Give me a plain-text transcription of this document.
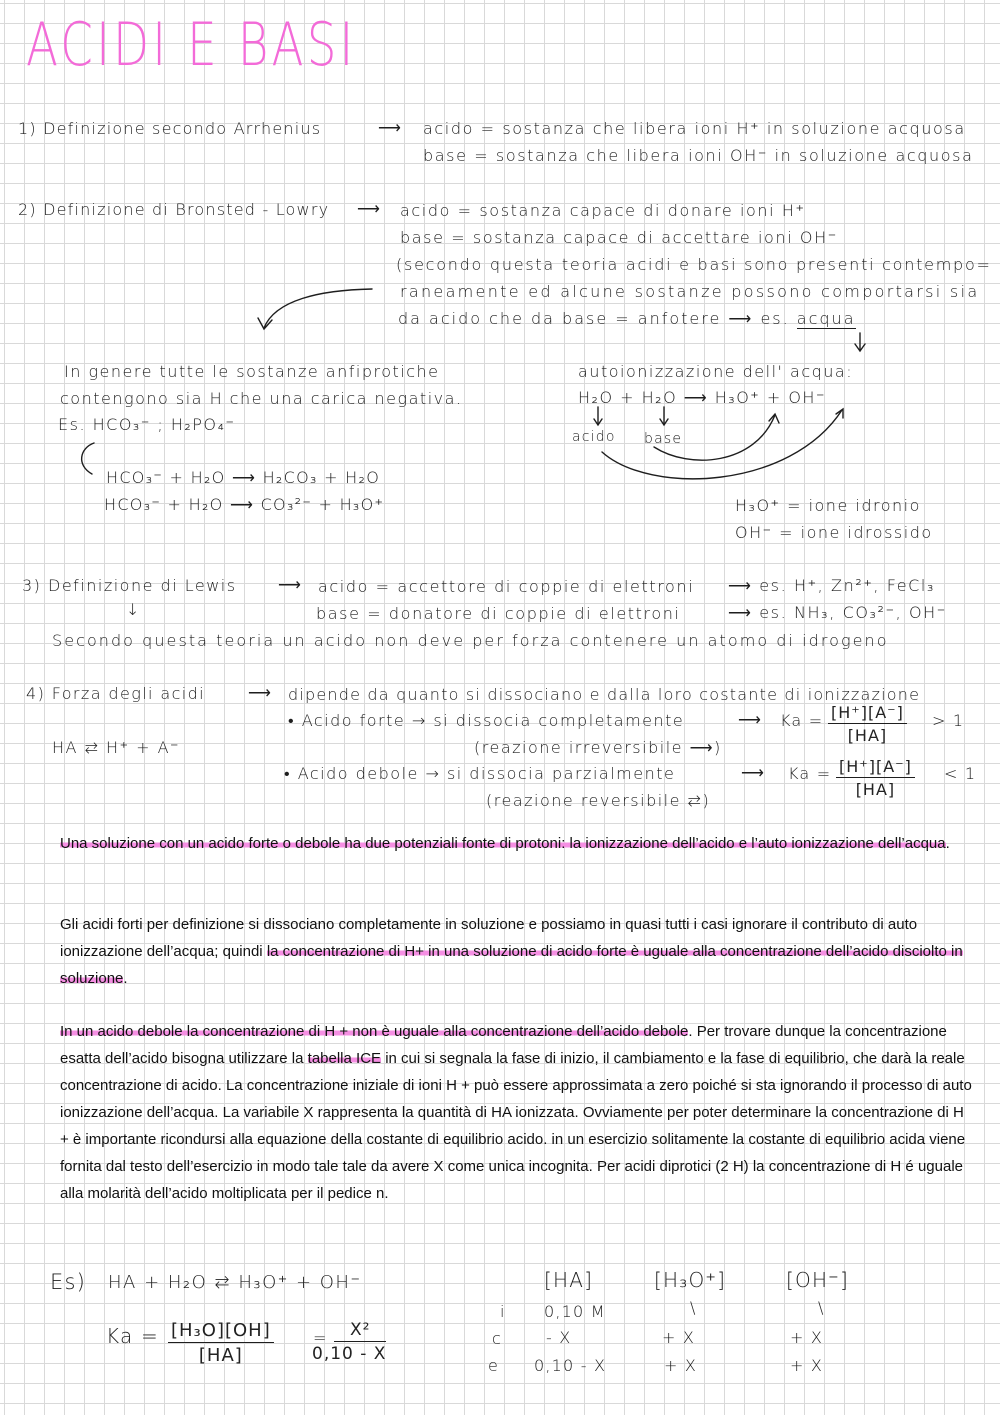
ACIDI E BASI
1) Definizione secondo Arrhenius	⟶ acido = sostanza che libera ioni H⁺ in soluzione acquosa
base = sostanza che libera ioni OH⁻ in soluzione acquosa
2) Definizione di Bronsted - Lowry ⟶ acido = sostanza capace di donare ioni H⁺
base = sostanza capace di accettare ioni OH⁻
(secondo questa teoria acidi e basi sono presenti contempo=
raneamente ed alcune sostanze possono comportarsi sia
da acido che da base = anfotere ⟶ es. acqua
In genere tutte le sostanze anfiprotiche
contengono sia H che una carica negativa.
Es. HCO₃⁻ ; H₂PO₄⁻
HCO₃⁻ + H₂O ⟶ H₂CO₃ + H₂O
HCO₃⁻ + H₂O ⟶ CO₃²⁻ + H₃O⁺
autoionizzazione dell' acqua:
H₂O + H₂O ⟶ H₃O⁺ + OH⁻
acido base
H₃O⁺ = ione idronio
OH⁻ = ione idrossido
3) Definizione di Lewis	⟶ acido = accettore di coppie di elettroni ⟶ es. H⁺, Zn²⁺, FeCl₃
↓	base = donatore di coppie di elettroni	⟶ es. NH₃, CO₃²⁻, OH⁻
Secondo questa teoria un acido non deve per forza contenere un atomo di idrogeno
4) Forza degli acidi	⟶ dipende da quanto si dissociano e dalla loro costante di ionizzazione
HA ⇄ H⁺ + A⁻
• Acido forte → si dissocia completamente	⟶
(reazione irreversibile ⟶)
$Ka = \frac{[H^+][A^-]}{[HA]} > 1$
• Acido debole → si dissocia parzialmente	⟶
(reazione reversibile ⇄)
$Ka = \frac{[H^+][A^-]}{[HA]} < 1$

Una soluzione con un acido forte o debole ha due potenziali fonte di protoni: la ionizzazione dell’acido e l’auto ionizzazione dell’acqua.

Gli acidi forti per definizione si dissociano completamente in soluzione e possiamo in quasi tutti i casi ignorare il contributo di auto ionizzazione dell’acqua; quindi la concentrazione di H+ in una soluzione di acido forte è uguale alla concentrazione dell’acido disciolto in soluzione.

In un acido debole la concentrazione di H + non è uguale alla concentrazione dell’acido debole. Per trovare dunque la concentrazione esatta dell’acido bisogna utilizzare la tabella ICE in cui si segnala la fase di inizio, il cambiamento e la fase di equilibrio, che darà la reale concentrazione di acido. La concentrazione iniziale di ioni H + può essere approssimata a zero poiché si sta ignorando il processo di auto ionizzazione dell’acqua. La variabile X rappresenta la quantità di HA ionizzata. Ovviamente per poter determinare la concentrazione di H + è importante ricondursi alla equazione della costante di equilibrio acido. in un esercizio solitamente la costante di equilibrio acida viene fornita dal testo dell’esercizio in modo tale tale da avere X come unica incognita. Per acidi diprotici (2 H) la concentrazione di H é uguale alla molarità dell’acido moltiplicata per il pedice n.

Es) HA + H₂O ⇄ H₃O⁺ + OH⁻
$Ka = \frac{\text{[H₃O][OH]}}{[HA]}$ =
$\frac{\text{X²}}{0,10 - X}$
[HA]	[H₃O⁺]	[OH⁻]
i 0,10 M	\	\
c	- X	+ X	+ X
e 0,10 - X	+ X	+ X
